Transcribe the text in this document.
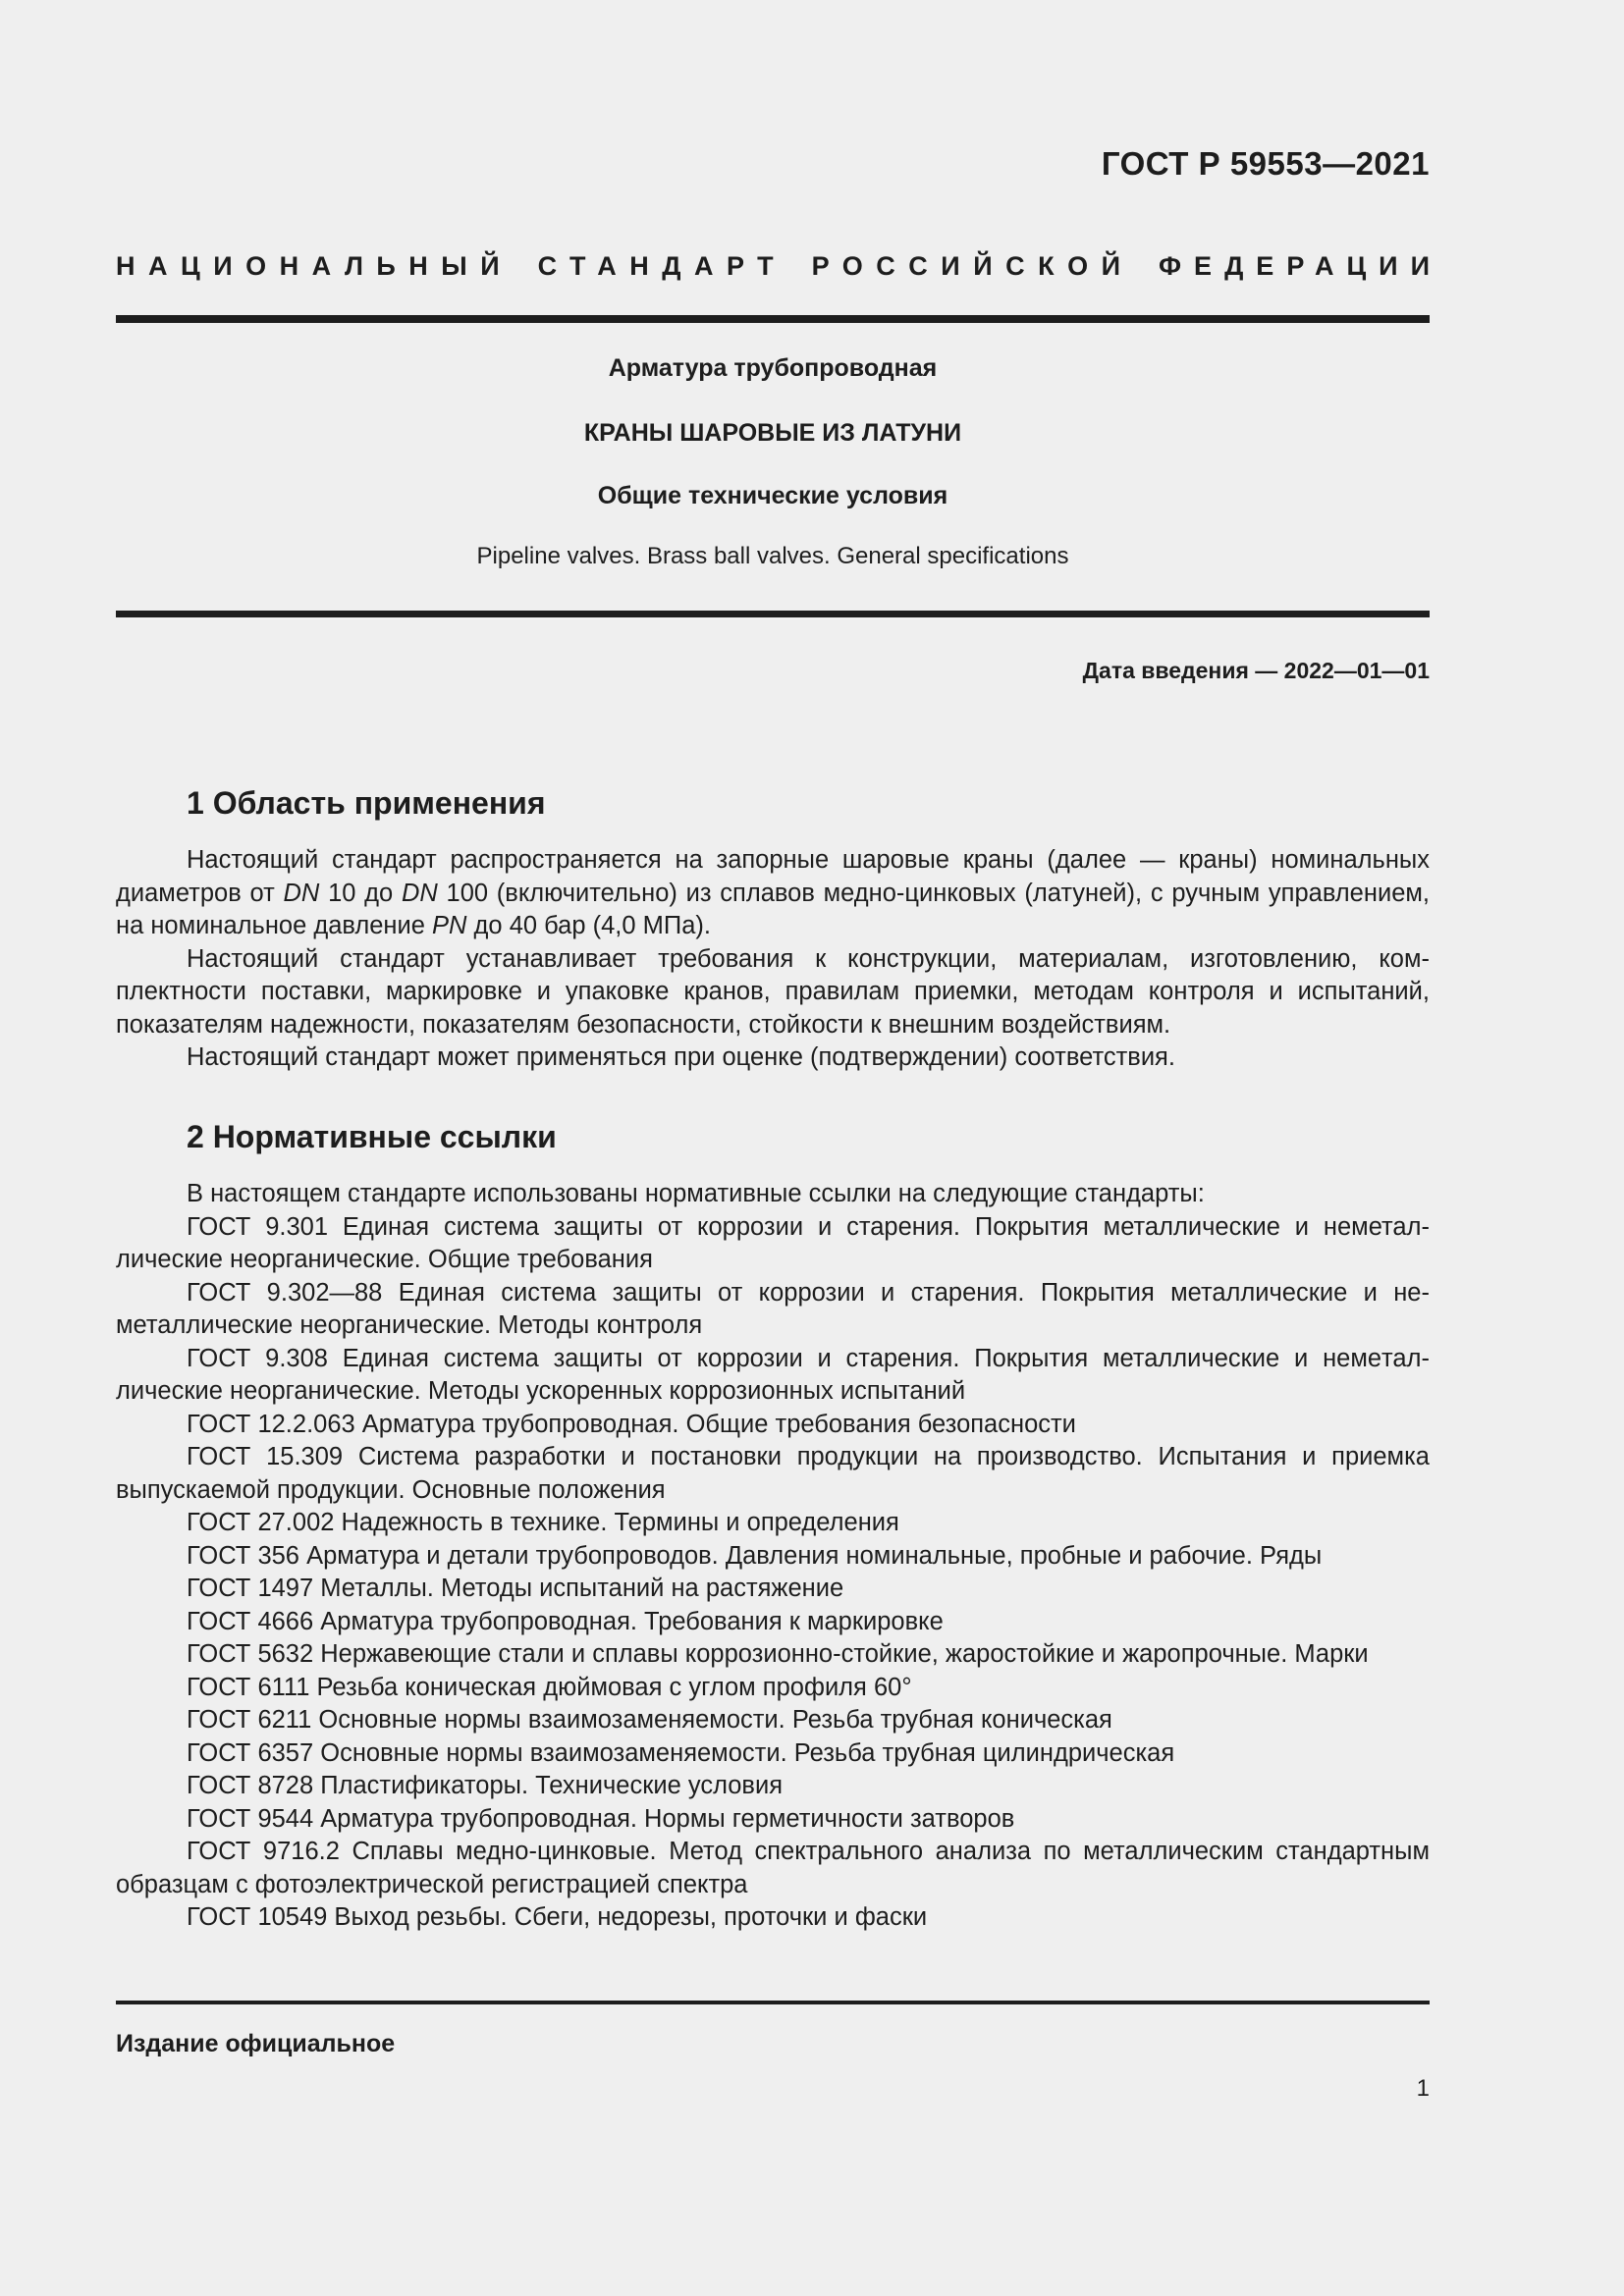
ГОСТ Р 59553—2021
НАЦИОНАЛЬНЫЙ СТАНДАРТ РОССИЙСКОЙ ФЕДЕРАЦИИ
Арматура трубопроводная
КРАНЫ ШАРОВЫЕ ИЗ ЛАТУНИ
Общие технические условия
Pipeline valves. Brass ball valves. General specifications
Дата введения — 2022—01—01
1 Область применения

Настоящий стандарт распространяется на запорные шаровые краны (далее — краны) номинальных диаметров от DN 10 до DN 100 (включительно) из сплавов медно-цинковых (латуней), с ручным управлением, на номинальное давление PN до 40 бар (4,0 МПа).

Настоящий стандарт устанавливает требования к конструкции, материалам, изготовлению, комплектности поставки, маркировке и упаковке кранов, правилам приемки, методам контроля и испытаний, показателям надежности, показателям безопасности, стойкости к внешним воздействиям.

Настоящий стандарт может применяться при оценке (подтверждении) соответствия.

2 Нормативные ссылки

В настоящем стандарте использованы нормативные ссылки на следующие стандарты:

ГОСТ 9.301 Единая система защиты от коррозии и старения. Покрытия металлические и неметаллические неорганические. Общие требования

ГОСТ 9.302—88 Единая система защиты от коррозии и старения. Покрытия металлические и неметаллические неорганические. Методы контроля

ГОСТ 9.308 Единая система защиты от коррозии и старения. Покрытия металлические и немeталлические неорганические. Методы ускоренных коррозионных испытаний

ГОСТ 12.2.063 Арматура трубопроводная. Общие требования безопасности

ГОСТ 15.309 Система разработки и постановки продукции на производство. Испытания и приемка выпускаемой продукции. Основные положения

ГОСТ 27.002 Надежность в технике. Термины и определения

ГОСТ 356 Арматура и детали трубопроводов. Давления номинальные, пробные и рабочие. Ряды

ГОСТ 1497 Металлы. Методы испытаний на растяжение

ГОСТ 4666 Арматура трубопроводная. Требования к маркировке

ГОСТ 5632 Нержавеющие стали и сплавы коррозионно-стойкие, жаростойкие и жаропрочные. Марки

ГОСТ 6111 Резьба коническая дюймовая с углом профиля 60°

ГОСТ 6211 Основные нормы взаимозаменяемости. Резьба трубная коническая

ГОСТ 6357 Основные нормы взаимозаменяемости. Резьба трубная цилиндрическая

ГОСТ 8728 Пластификаторы. Технические условия

ГОСТ 9544 Арматура трубопроводная. Нормы герметичности затворов

ГОСТ 9716.2 Сплавы медно-цинковые. Метод спектрального анализа по металлическим стандартным образцам с фотоэлектрической регистрацией спектра

ГОСТ 10549 Выход резьбы. Сбеги, недорезы, проточки и фаски

Издание официальное
1
